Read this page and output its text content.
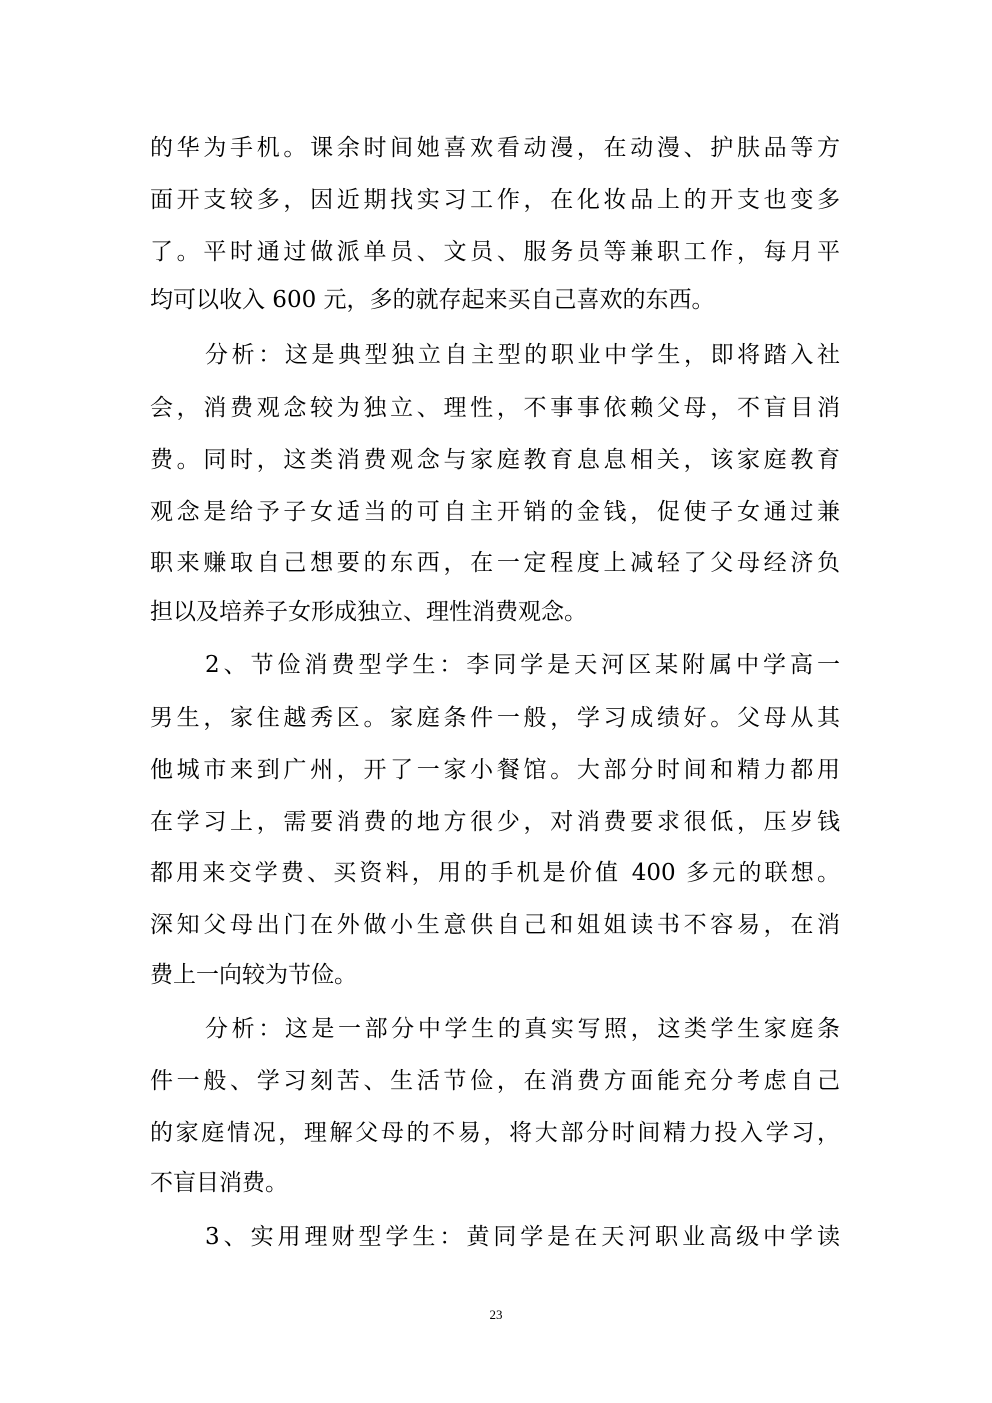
的华为手机。课余时间她喜欢看动漫，在动漫、护肤品等方

面开支较多，因近期找实习工作，在化妆品上的开支也变多

了。平时通过做派单员、文员、服务员等兼职工作，每月平

均可以收入 600 元，多的就存起来买自己喜欢的东西。

分析：这是典型独立自主型的职业中学生，即将踏入社

会，消费观念较为独立、理性，不事事依赖父母，不盲目消

费。同时，这类消费观念与家庭教育息息相关，该家庭教育

观念是给予子女适当的可自主开销的金钱，促使子女通过兼

职来赚取自己想要的东西，在一定程度上减轻了父母经济负

担以及培养子女形成独立、理性消费观念。

2、节俭消费型学生：李同学是天河区某附属中学高一

男生，家住越秀区。家庭条件一般，学习成绩好。父母从其

他城市来到广州，开了一家小餐馆。大部分时间和精力都用

在学习上，需要消费的地方很少，对消费要求很低，压岁钱

都用来交学费、买资料，用的手机是价值 400 多元的联想。

深知父母出门在外做小生意供自己和姐姐读书不容易，在消

费上一向较为节俭。

分析：这是一部分中学生的真实写照，这类学生家庭条

件一般、学习刻苦、生活节俭，在消费方面能充分考虑自己

的家庭情况，理解父母的不易，将大部分时间精力投入学习，

不盲目消费。

3、实用理财型学生：黄同学是在天河职业高级中学读

23
